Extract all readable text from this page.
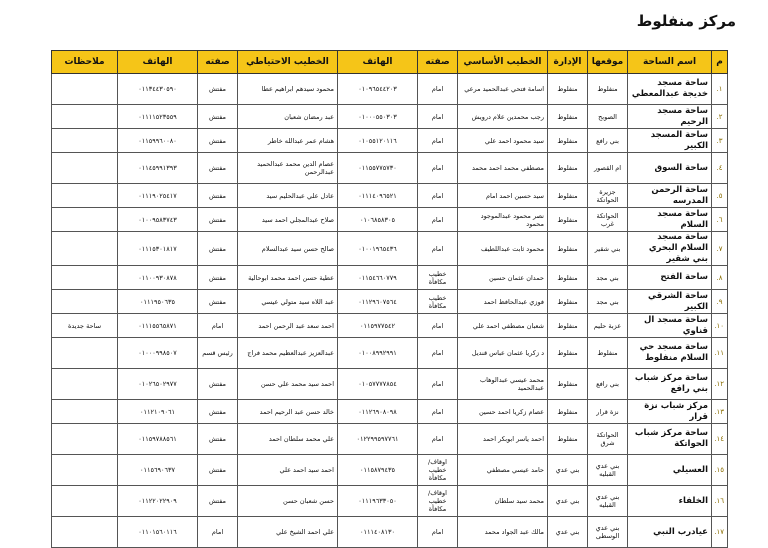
مركز منفلوط
م	اسم الساحة	موقعها	الإدارة	الخطيب الأساسي	صفته	الهاتف	الخطيب الاحتياطي	صفته	الهاتف	ملاحظات
١.	ساحة مسجد خديجة عبدالمعطي	منفلوط	منفلوط	اسامة فتحي عبدالحميد مرعي	امام	٠١٠٩٦٥٤٤٢٠٣	محمود سيدهم ابراهيم عطا	مفتش	٠١١٣٤٤٣٠٥٩٠	
٢.	ساحة مسجد الرحيم	الصوبح	منفلوط	رجب محمدين علام درويش	امام	٠١٠٠٠٥٥٠٣٠٣	عبد رمضان شعبان	مفتش	٠١١١١٥٢٣٥٥٩	
٣.	ساحة المسجد الكبير	بني رافع	منفلوط	سيد محمود احمد علي	امام	٠١٠٥٥١٢٠١١٦	هشام عمر عبدالله خاطر	مفتش	٠١١٥٩٩٦٠٠٨٠	
٤.	ساحة السوق	ام القصور	منفلوط	مصطفي محمد احمد محمد	امام	٠١١٥٥٧٧٥٧٣٠	عصام الدين محمد عبدالحميد عبدالرحمن	مفتش	٠١١٤٥٩٩١٣٩٣	
٥.	ساحة الرحمن المدرسه	جزيرة الحواتكة	منفلوط	سيد حسين احمد امام	امام	٠١١١٤٠٩٦٥٢١	عادل علي عبدالحليم سيد	مفتش	٠١١١٩٠٢٥٤١٧	
٦.	ساحة مسجد السلام	الحواتكة غرب	منفلوط	نصر محمود عبدالموجود محمود	امام	٠١٠٦٨٥٨٣٠٥	صلاح عبدالمجلي احمد سيد	مفتش	٠١٠٠٩٥٨٣٧٤٣	
٧.	ساحة مسجد السلام البحري بني شقير	بني شقير	منفلوط	محمود ثابت عبداللطيف	امام	٠١٠٠١٩٦٥٤٣٦	صالح حسن سيد عبدالسلام	مفتش	٠١١١٥٣٠١٨١٧	
٨.	ساحة الفتح	بني مجد	منفلوط	حمدان عثمان حسين	خطيب مكافأة	٠١١٥٤٦٦٠٧٧٩	عطية حسن احمد محمد ابوحالية	مفتش	٠١١٠٠٩٣٠٨٧٨	
٩.	ساحة الشرقي الكبير	بني مجد	منفلوط	فوزي عبدالحافظ احمد	خطيب مكافأة	٠١١٢٩٦٠٧٥٦٤	عبد اللاه سيد متولي عيسي	مفتش	٠١١١٩٥٠٦٣٥	
١٠.	ساحة مسجد ال قناوي	عزبة حليم	منفلوط	شعبان مصطفي احمد علي	امام	٠١١٥٩٧٧٥٤٢	احمد سعد عبد الرحمن احمد	امام	٠١١١٥٥٦٥٨٧١	ساحة جديدة
١١.	ساحة مسجد حي السلام منفلوط	منفلوط	منفلوط	د زكريا عثمان عباس قنديل	امام	٠١٠٠٨٩٩٢٩٩١	عبدالعزيز عبدالعظيم محمد فراج	رئيس قسم	٠١٠٠٠٩٩٨٥٠٧	
١٢.	ساحة مركز شباب بني رافع	بني رافع	منفلوط	محمد عيسي عبدالوهاب عبدالحميد	امام	٠١٠٥٧٧٧٧٨٥٤	احمد سيد محمد علي حسن	مفتش	٠١٠٢٦٥٠٢٩٧٧	
١٣.	مركز شباب نزة قرار	نزة قرار	منفلوط	عصام زكريا احمد حسين	امام	٠١١٢٦٩٠٨٠٩٨	خالد حسن عبد الرحيم احمد	مفتش	٠١١٢١٠٩٠٦١	
١٤.	ساحة مركز شباب الحواتكة	الحواتكة شرق	منفلوط	احمد ياسر ابوبكر احمد	امام	٠١٢٢٩٩٥٩٧٧٦١	علي محمد سلطان احمد	مفتش	٠١١٥٩٧٨٨٥٦١	
١٥.	العسيلي	بني عدي القبليه	بني عدي	حامد عيسي مصطفي	اوقاف/خطيب مكافأة	٠١١٥٨٧٩٤٣٥	احمد سيد احمد علي	مفتش	٠١١٥٦٩٠٦٣٧	
١٦.	الخلفاء	بني عدي القبليه	بني عدي	محمد سيد سلطان	اوقاف/خطيب مكافأة	٠١١١٩٦٣٣٠٥٠	حسن شعبان حسن	مفتش	٠١١٢٢٠٢٢٩٠٩	
١٧.	عيادرب النبي	بني عدي الوسطى	بني عدي	مالك عبد الجواد محمد	امام	٠١١١٤٠٨١٣٠	علي احمد الشيخ علي	امام	٠١١٠١٥٦٠١١٦	
